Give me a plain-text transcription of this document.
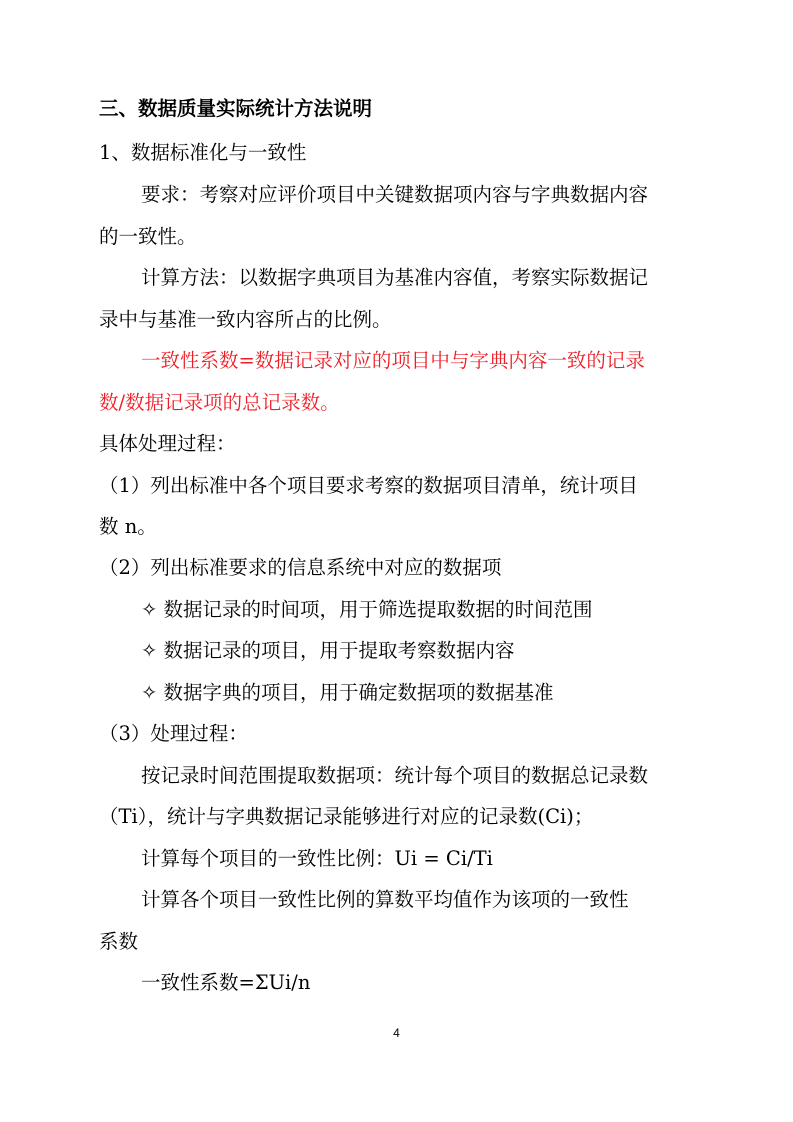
三、数据质量实际统计方法说明
1、数据标准化与一致性
要求：考察对应评价项目中关键数据项内容与字典数据内容
的一致性。
计算方法：以数据字典项目为基准内容值，考察实际数据记
录中与基准一致内容所占的比例。
一致性系数=数据记录对应的项目中与字典内容一致的记录
数/数据记录项的总记录数。
具体处理过程：
（1）列出标准中各个项目要求考察的数据项目清单，统计项目
数 n。
（2）列出标准要求的信息系统中对应的数据项
✧ 数据记录的时间项，用于筛选提取数据的时间范围
✧ 数据记录的项目，用于提取考察数据内容
✧ 数据字典的项目，用于确定数据项的数据基准
（3）处理过程：
按记录时间范围提取数据项：统计每个项目的数据总记录数
（Ti），统计与字典数据记录能够进行对应的记录数(Ci)；
计算每个项目的一致性比例：Ui = Ci/Ti
计算各个项目一致性比例的算数平均值作为该项的一致性
系数
一致性系数=ΣUi/n
4
